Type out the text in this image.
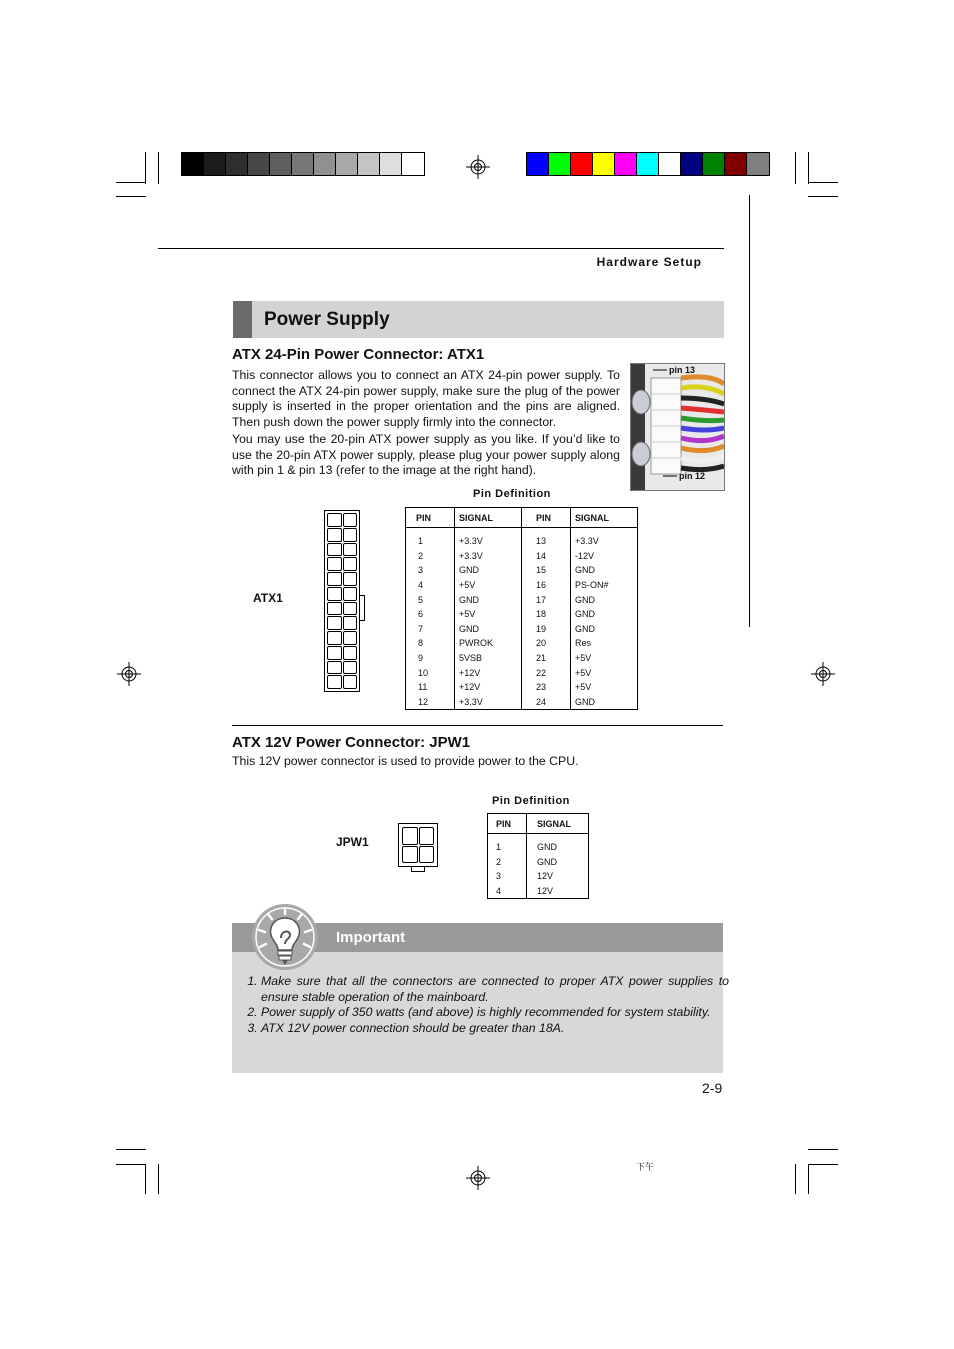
Hardware Setup
Power Supply
ATX 24-Pin Power Connector: ATX1

This connector allows you to connect an ATX 24-pin power supply. To connect the ATX 24-pin power supply, make sure the plug of the power supply is inserted in the proper orientation and the pins are aligned. Then push down the power supply firmly into the connector.

You may use the 20-pin ATX power supply as you like. If you’d like to use the 20-pin ATX power supply, please plug your power supply along with pin 1 & pin 13 (refer to the image at the right hand).

pin 13
pin 12
Pin Definition
ATX1
PIN	SIGNAL	PIN	SIGNAL
1	+3.3V	13	+3.3V
2	+3.3V	14	-12V
3	GND	15	GND
4	+5V	16	PS-ON#
5	GND	17	GND
6	+5V	18	GND
7	GND	19	GND
8	PWROK	20	Res
9	5VSB	21	+5V
10	+12V	22	+5V
11	+12V	23	+5V
12	+3.3V	24	GND
ATX 12V Power Connector: JPW1

This 12V power connector is used to provide power to the CPU.

Pin Definition
JPW1
PIN	SIGNAL
1	GND
2	GND
3	12V
4	12V
Important
1. Make sure that all the connectors are connected to proper ATX power supplies to ensure stable operation of the mainboard.
2. Power supply of 350 watts (and above) is highly recommended for system stability.
3. ATX 12V power connection should be greater than 18A.
2-9
下午
